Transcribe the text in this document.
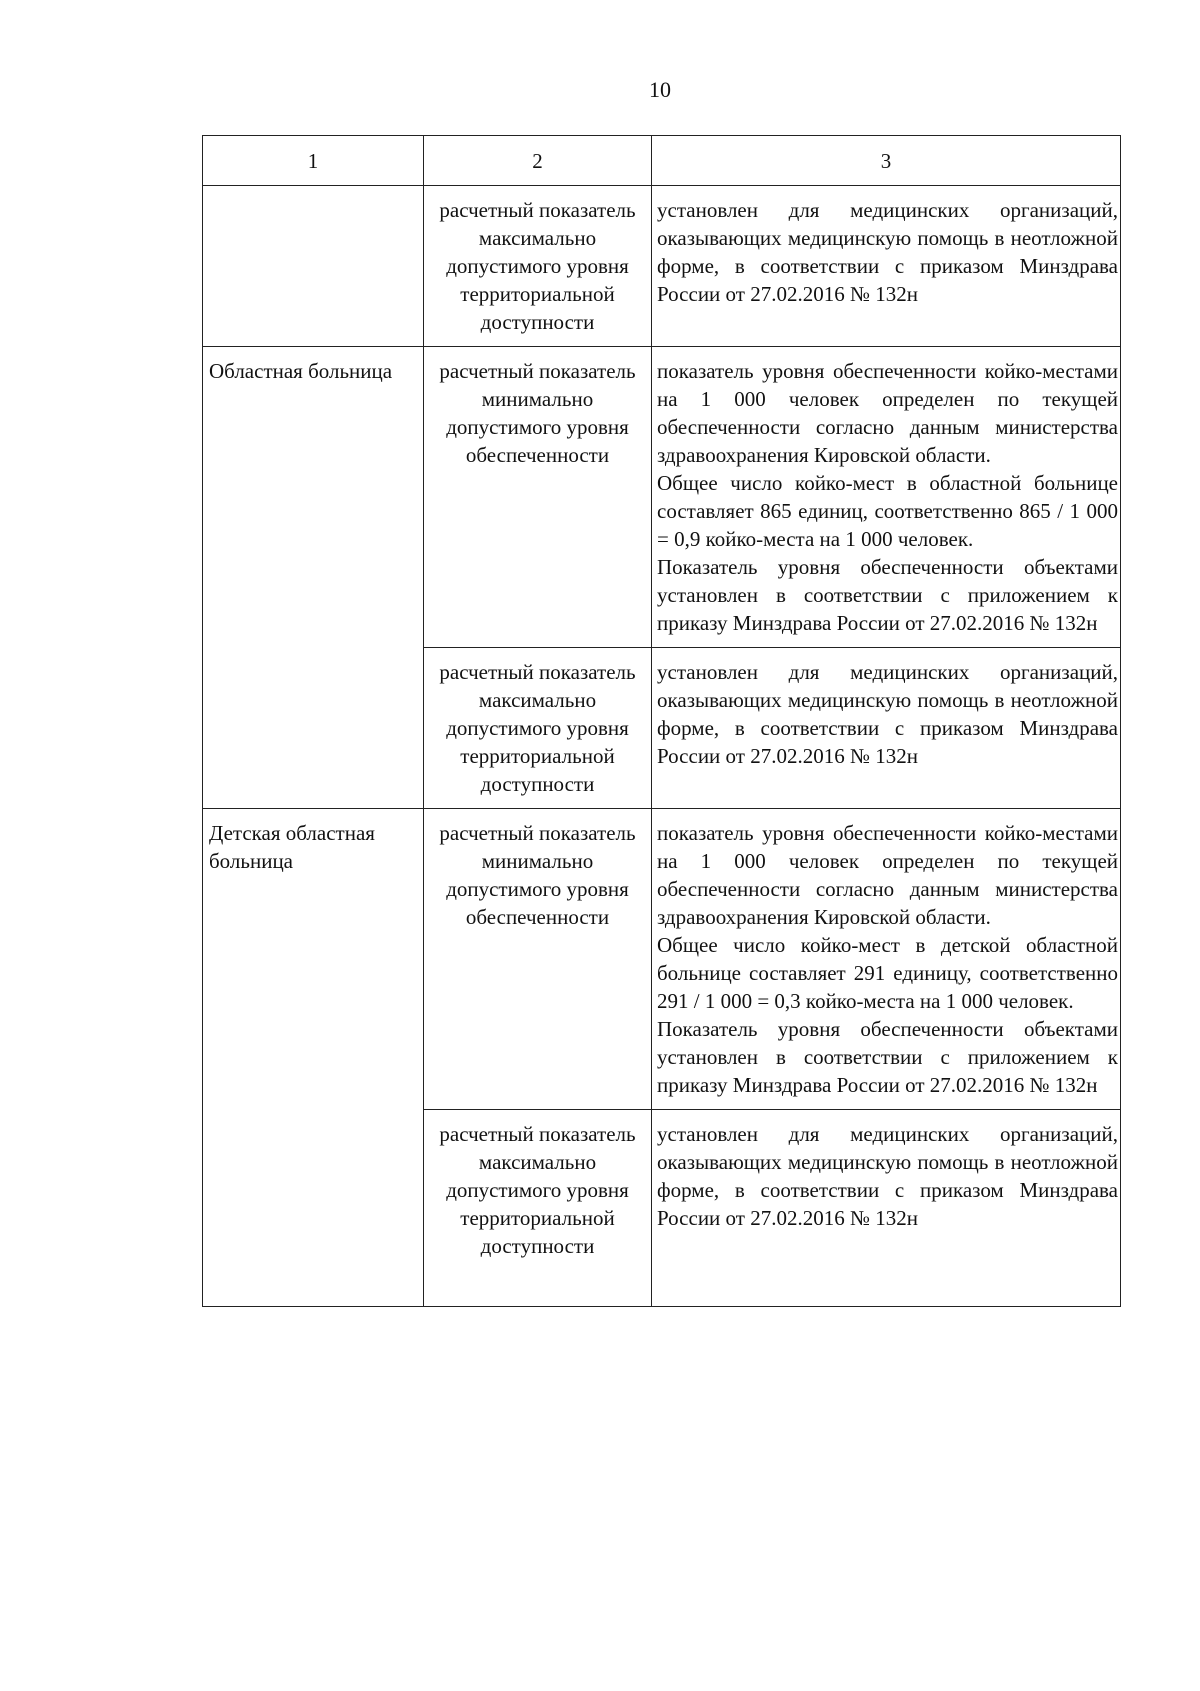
10
1	2	3

	расчетный показатель максимально допустимого уровня территориальной доступности	установлен для медицинских организаций, оказывающих медицинскую помощь в неотложной форме, в соответствии с приказом Минздрава России от 27.02.2016 № 132н

Областная больница	расчетный показатель минимально допустимого уровня обеспеченности	показатель уровня обеспеченности койко-местами на 1 000 человек определен по текущей обеспеченности согласно данным министерства здравоохранения Кировской области.

Общее число койко-мест в областной больнице составляет 865 единиц, соответственно 865 / 1 000 = 0,9 койко-места на 1 000 человек.

Показатель уровня обеспеченности объектами установлен в соответствии с приложением к приказу Минздрава России от 27.02.2016 № 132н

	расчетный показатель максимально допустимого уровня территориальной доступности	установлен для медицинских организаций, оказывающих медицинскую помощь в неотложной форме, в соответствии с приказом Минздрава России от 27.02.2016 № 132н

Детская областная больница	расчетный показатель минимально допустимого уровня обеспеченности	показатель уровня обеспеченности койко-местами на 1 000 человек определен по текущей обеспеченности согласно данным министерства здравоохранения Кировской области.

Общее число койко-мест в детской областной больнице составляет 291 единицу, соответственно 291 / 1 000 = 0,3 койко-места на 1 000 человек.

Показатель уровня обеспеченности объектами установлен в соответствии с приложением к приказу Минздрава России от 27.02.2016 № 132н

	расчетный показатель максимально допустимого уровня территориальной доступности	установлен для медицинских организаций, оказывающих медицинскую помощь в неотложной форме, в соответствии с приказом Минздрава России от 27.02.2016 № 132н
